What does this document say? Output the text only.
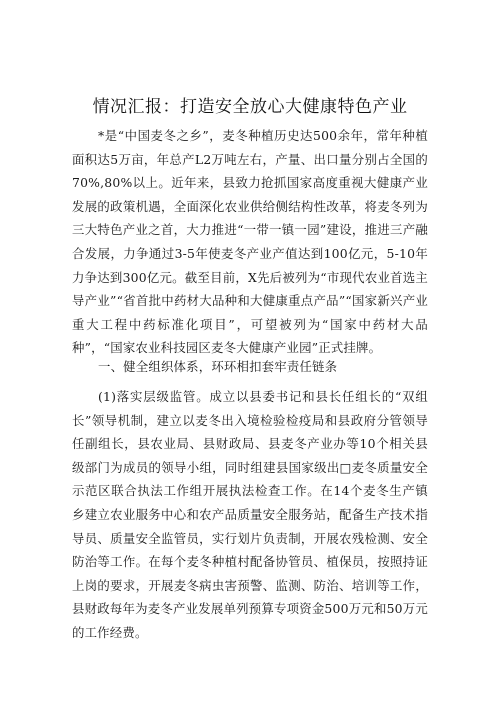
情况汇报：打造安全放心大健康特色产业

*是“中国麦冬之乡”，麦冬种植历史达500余年，常年种植面积达5万亩，年总产L2万吨左右，产量、出口量分别占全国的70%,80%以上。近年来，县致力抢抓国家高度重视大健康产业发展的政策机遇，全面深化农业供给侧结构性改革，将麦冬列为三大特色产业之首，大力推进“一带一镇一园”建设，推进三产融合发展，力争通过3-5年使麦冬产业产值达到100亿元，5-10年力争达到300亿元。截至目前，X先后被列为“市现代农业首选主导产业”“省首批中药材大品种和大健康重点产品”“国家新兴产业重大工程中药标准化项目”，可望被列为“国家中药材大品种”，“国家农业科技园区麦冬大健康产业园”正式挂牌。

一、健全组织体系，环环相扣套牢责任链条

(1)落实层级监管。成立以县委书记和县长任组长的“双组长”领导机制，建立以麦冬出入境检验检疫局和县政府分管领导任副组长，县农业局、县财政局、县麦冬产业办等10个相关县级部门为成员的领导小组，同时组建县国家级出□麦冬质量安全示范区联合执法工作组开展执法检查工作。在14个麦冬生产镇乡建立农业服务中心和农产品质量安全服务站，配备生产技术指导员、质量安全监管员，实行划片负责制，开展农残检测、安全防治等工作。在每个麦冬种植村配备协管员、植保员，按照持证上岗的要求，开展麦冬病虫害预警、监测、防治、培训等工作，县财政每年为麦冬产业发展单列预算专项资金500万元和50万元的工作经费。
